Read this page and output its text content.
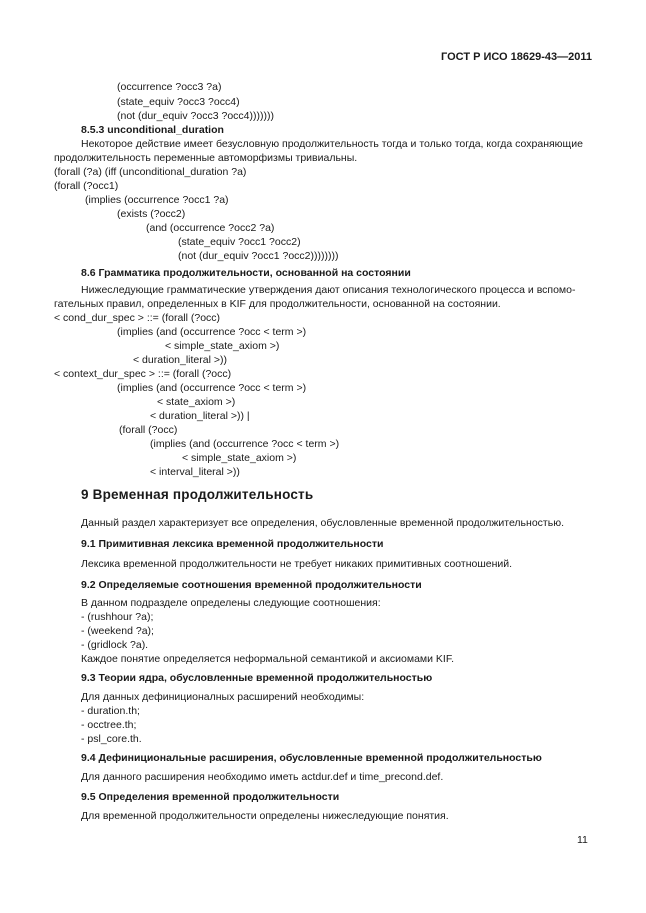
ГОСТ Р ИСО 18629-43—2011
(occurrence ?occ3 ?a)
(state_equiv ?occ3 ?occ4)
(not (dur_equiv ?occ3 ?occ4)))))))
8.5.3 unconditional_duration
Некоторое действие имеет безусловную продолжительность тогда и только тогда, когда сохраняющие
продолжительность переменные автоморфизмы тривиальны.
(forall (?a) (iff (unconditional_duration ?a)
(forall (?occ1)
(implies (occurrence ?occ1 ?a)
(exists (?occ2)
(and (occurrence ?occ2 ?a)
(state_equiv ?occ1 ?occ2)
(not (dur_equiv ?occ1 ?occ2))))))))
8.6 Грамматика продолжительности, основанной на состоянии
Нижеследующие грамматические утверждения дают описания технологического процесса и вспомо-
гательных правил, определенных в KIF для продолжительности, основанной на состоянии.
< cond_dur_spec > ::= (forall (?occ)
(implies (and (occurrence ?occ < term >)
< simple_state_axiom >)
< duration_literal >))
< context_dur_spec > ::= (forall (?occ)
(implies (and (occurrence ?occ < term >)
< state_axiom >)
< duration_literal >)) |
(forall (?occ)
(implies (and (occurrence ?occ < term >)
< simple_state_axiom >)
< interval_literal >))
9 Временная продолжительность
Данный раздел характеризует все определения, обусловленные временной продолжительностью.
9.1 Примитивная лексика временной продолжительности
Лексика временной продолжительности не требует никаких примитивных соотношений.
9.2 Определяемые соотношения временной продолжительности
В данном подразделе определены следующие соотношения:
- (rushhour ?a);
- (weekend ?a);
- (gridlock ?a).
Каждое понятие определяется неформальной семантикой и аксиомами KIF.
9.3 Теории ядра, обусловленные временной продолжительностью
Для данных дефиниционалных расширений необходимы:
- duration.th;
- occtree.th;
- psl_core.th.
9.4 Дефинициональные расширения, обусловленные временной продолжительностью
Для данного расширения необходимо иметь actdur.def и time_precond.def.
9.5 Определения временной продолжительности
Для временной продолжительности определены нижеследующие понятия.
11
